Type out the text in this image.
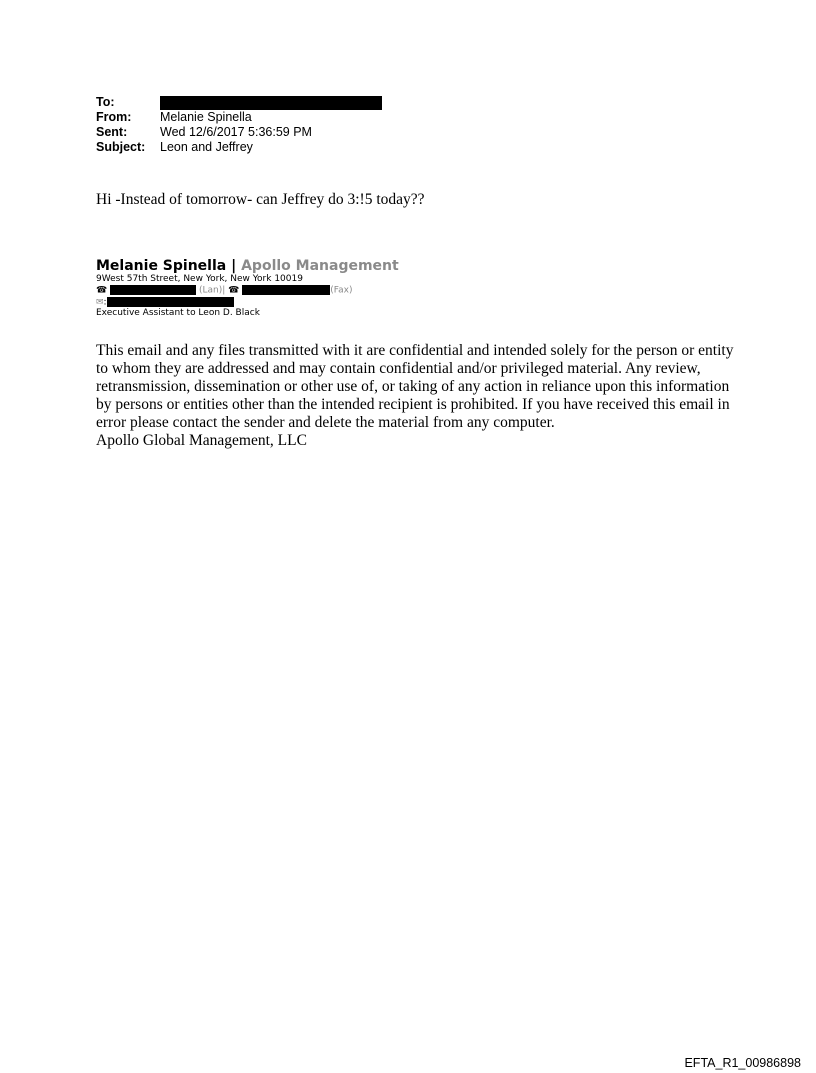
To:
From:	Melanie Spinella
Sent:	Wed 12/6/2017 5:36:59 PM
Subject:	Leon and Jeffrey
Hi -Instead of tomorrow- can Jeffrey do 3:!5 today??
Melanie Spinella | Apollo Management
9West 57th Street, New York, New York 10019
☎	(Lan)| ☎	(Fax)
✉:
Executive Assistant to Leon D. Black
This email and any files transmitted with it are confidential and intended solely for the person or entity to whom they are addressed and may contain confidential and/or privileged material. Any review, retransmission, dissemination or other use of, or taking of any action in reliance upon this information by persons or entities other than the intended recipient is prohibited. If you have received this email in error please contact the sender and delete the material from any computer.
Apollo Global Management, LLC
EFTA_R1_00986898
